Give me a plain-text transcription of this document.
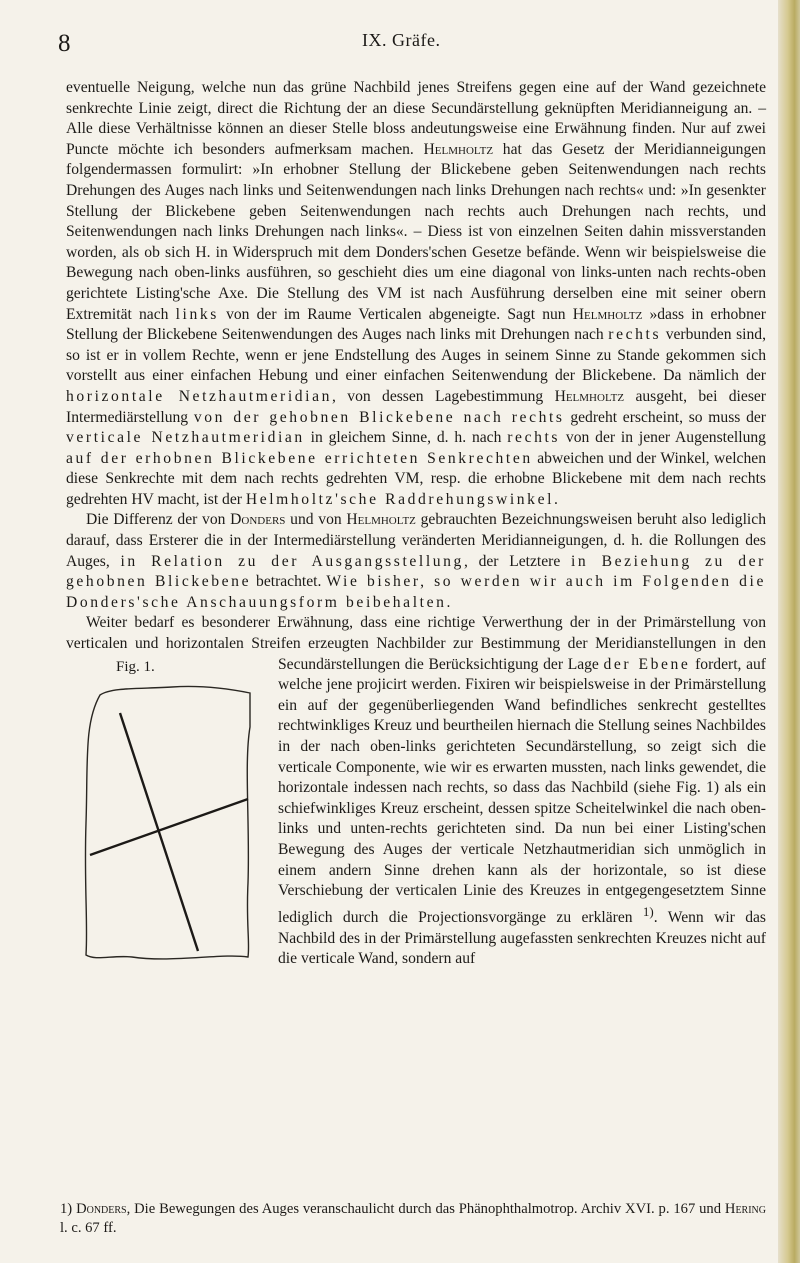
8	IX. Gräfe.

eventuelle Neigung, welche nun das grüne Nachbild jenes Streifens gegen eine auf der Wand gezeichnete senkrechte Linie zeigt, direct die Richtung der an diese Secundärstellung geknüpften Meridianneigung an. – Alle diese Verhältnisse können an dieser Stelle bloss andeutungsweise eine Erwähnung finden. Nur auf zwei Puncte möchte ich besonders aufmerksam machen. Helmholtz hat das Gesetz der Meridianneigungen folgendermassen formulirt: »In erhobner Stellung der Blickebene geben Seitenwendungen nach rechts Drehungen des Auges nach links und Seitenwendungen nach links Drehungen nach rechts« und: »In gesenkter Stellung der Blickebene geben Seitenwendungen nach rechts auch Drehungen nach rechts, und Seitenwendungen nach links Drehungen nach links«. – Diess ist von einzelnen Seiten dahin missverstanden worden, als ob sich H. in Widerspruch mit dem Donders'schen Gesetze befände. Wenn wir beispielsweise die Bewegung nach oben-links ausführen, so geschieht dies um eine diagonal von links-unten nach rechts-oben gerichtete Listing'sche Axe. Die Stellung des VM ist nach Ausführung derselben eine mit seiner obern Extremität nach links von der im Raume Verticalen abgeneigte. Sagt nun Helmholtz »dass in erhobner Stellung der Blickebene Seitenwendungen des Auges nach links mit Drehungen nach rechts verbunden sind, so ist er in vollem Rechte, wenn er jene Endstellung des Auges in seinem Sinne zu Stande gekommen sich vorstellt aus einer einfachen Hebung und einer einfachen Seitenwendung der Blickebene. Da nämlich der horizontale Netzhautmeridian, von dessen Lagebestimmung Helmholtz ausgeht, bei dieser Intermediärstellung von der gehobnen Blickebene nach rechts gedreht erscheint, so muss der verticale Netzhautmeridian in gleichem Sinne, d. h. nach rechts von der in jener Augenstellung auf der erhobnen Blickebene errichteten Senkrechten abweichen und der Winkel, welchen diese Senkrechte mit dem nach rechts gedrehten VM, resp. die erhobne Blickebene mit dem nach rechts gedrehten HV macht, ist der Helmholtz'sche Raddrehungswinkel.

Die Differenz der von Donders und von Helmholtz gebrauchten Bezeichnungsweisen beruht also lediglich darauf, dass Ersterer die in der Intermediärstellung veränderten Meridianneigungen, d. h. die Rollungen des Auges, in Relation zu der Ausgangsstellung, der Letztere in Beziehung zu der gehobnen Blickebene betrachtet. Wie bisher, so werden wir auch im Folgenden die Donders'sche Anschauungsform beibehalten.

Weiter bedarf es besonderer Erwähnung, dass eine richtige Verwerthung der in der Primärstellung von verticalen und horizontalen Streifen erzeugten Nachbilder zur Bestimmung der Meridianstellungen in den Secundärstellungen die Berücksichtigung der Lage
Fig. 1.	der Ebene fordert, auf welche jene projicirt werden. Fixiren wir beispielsweise in der Primärstellung ein auf der gegenüberliegenden Wand befindliches senkrecht gestelltes rechtwinkliges Kreuz und beurtheilen hiernach die Stellung seines Nachbildes in der nach oben-links gerichteten Secundärstellung, so zeigt sich die verticale Componente, wie wir es erwarten mussten, nach links gewendet, die horizontale indessen nach rechts, so dass das Nachbild (siehe Fig. 1) als ein schiefwinkliges Kreuz erscheint, dessen spitze Scheitelwinkel die nach oben-links und unten-rechts gerichteten sind. Da nun bei einer Listing'schen Bewegung des Auges der verticale Netzhautmeridian sich unmöglich in einem andern Sinne drehen kann als der horizontale, so ist diese Verschiebung der verticalen Linie des Kreuzes in entgegengesetztem Sinne lediglich durch die Projectionsvorgänge zu erklären $^{1)}$. Wenn wir das Nachbild des in der Primärstellung augefassten senkrechten Kreuzes nicht auf die verticale Wand, sondern auf

1) Donders, Die Bewegungen des Auges veranschaulicht durch das Phänophthalmotrop. Archiv XVI. p. 167 und Hering l. c. 67 ff.
